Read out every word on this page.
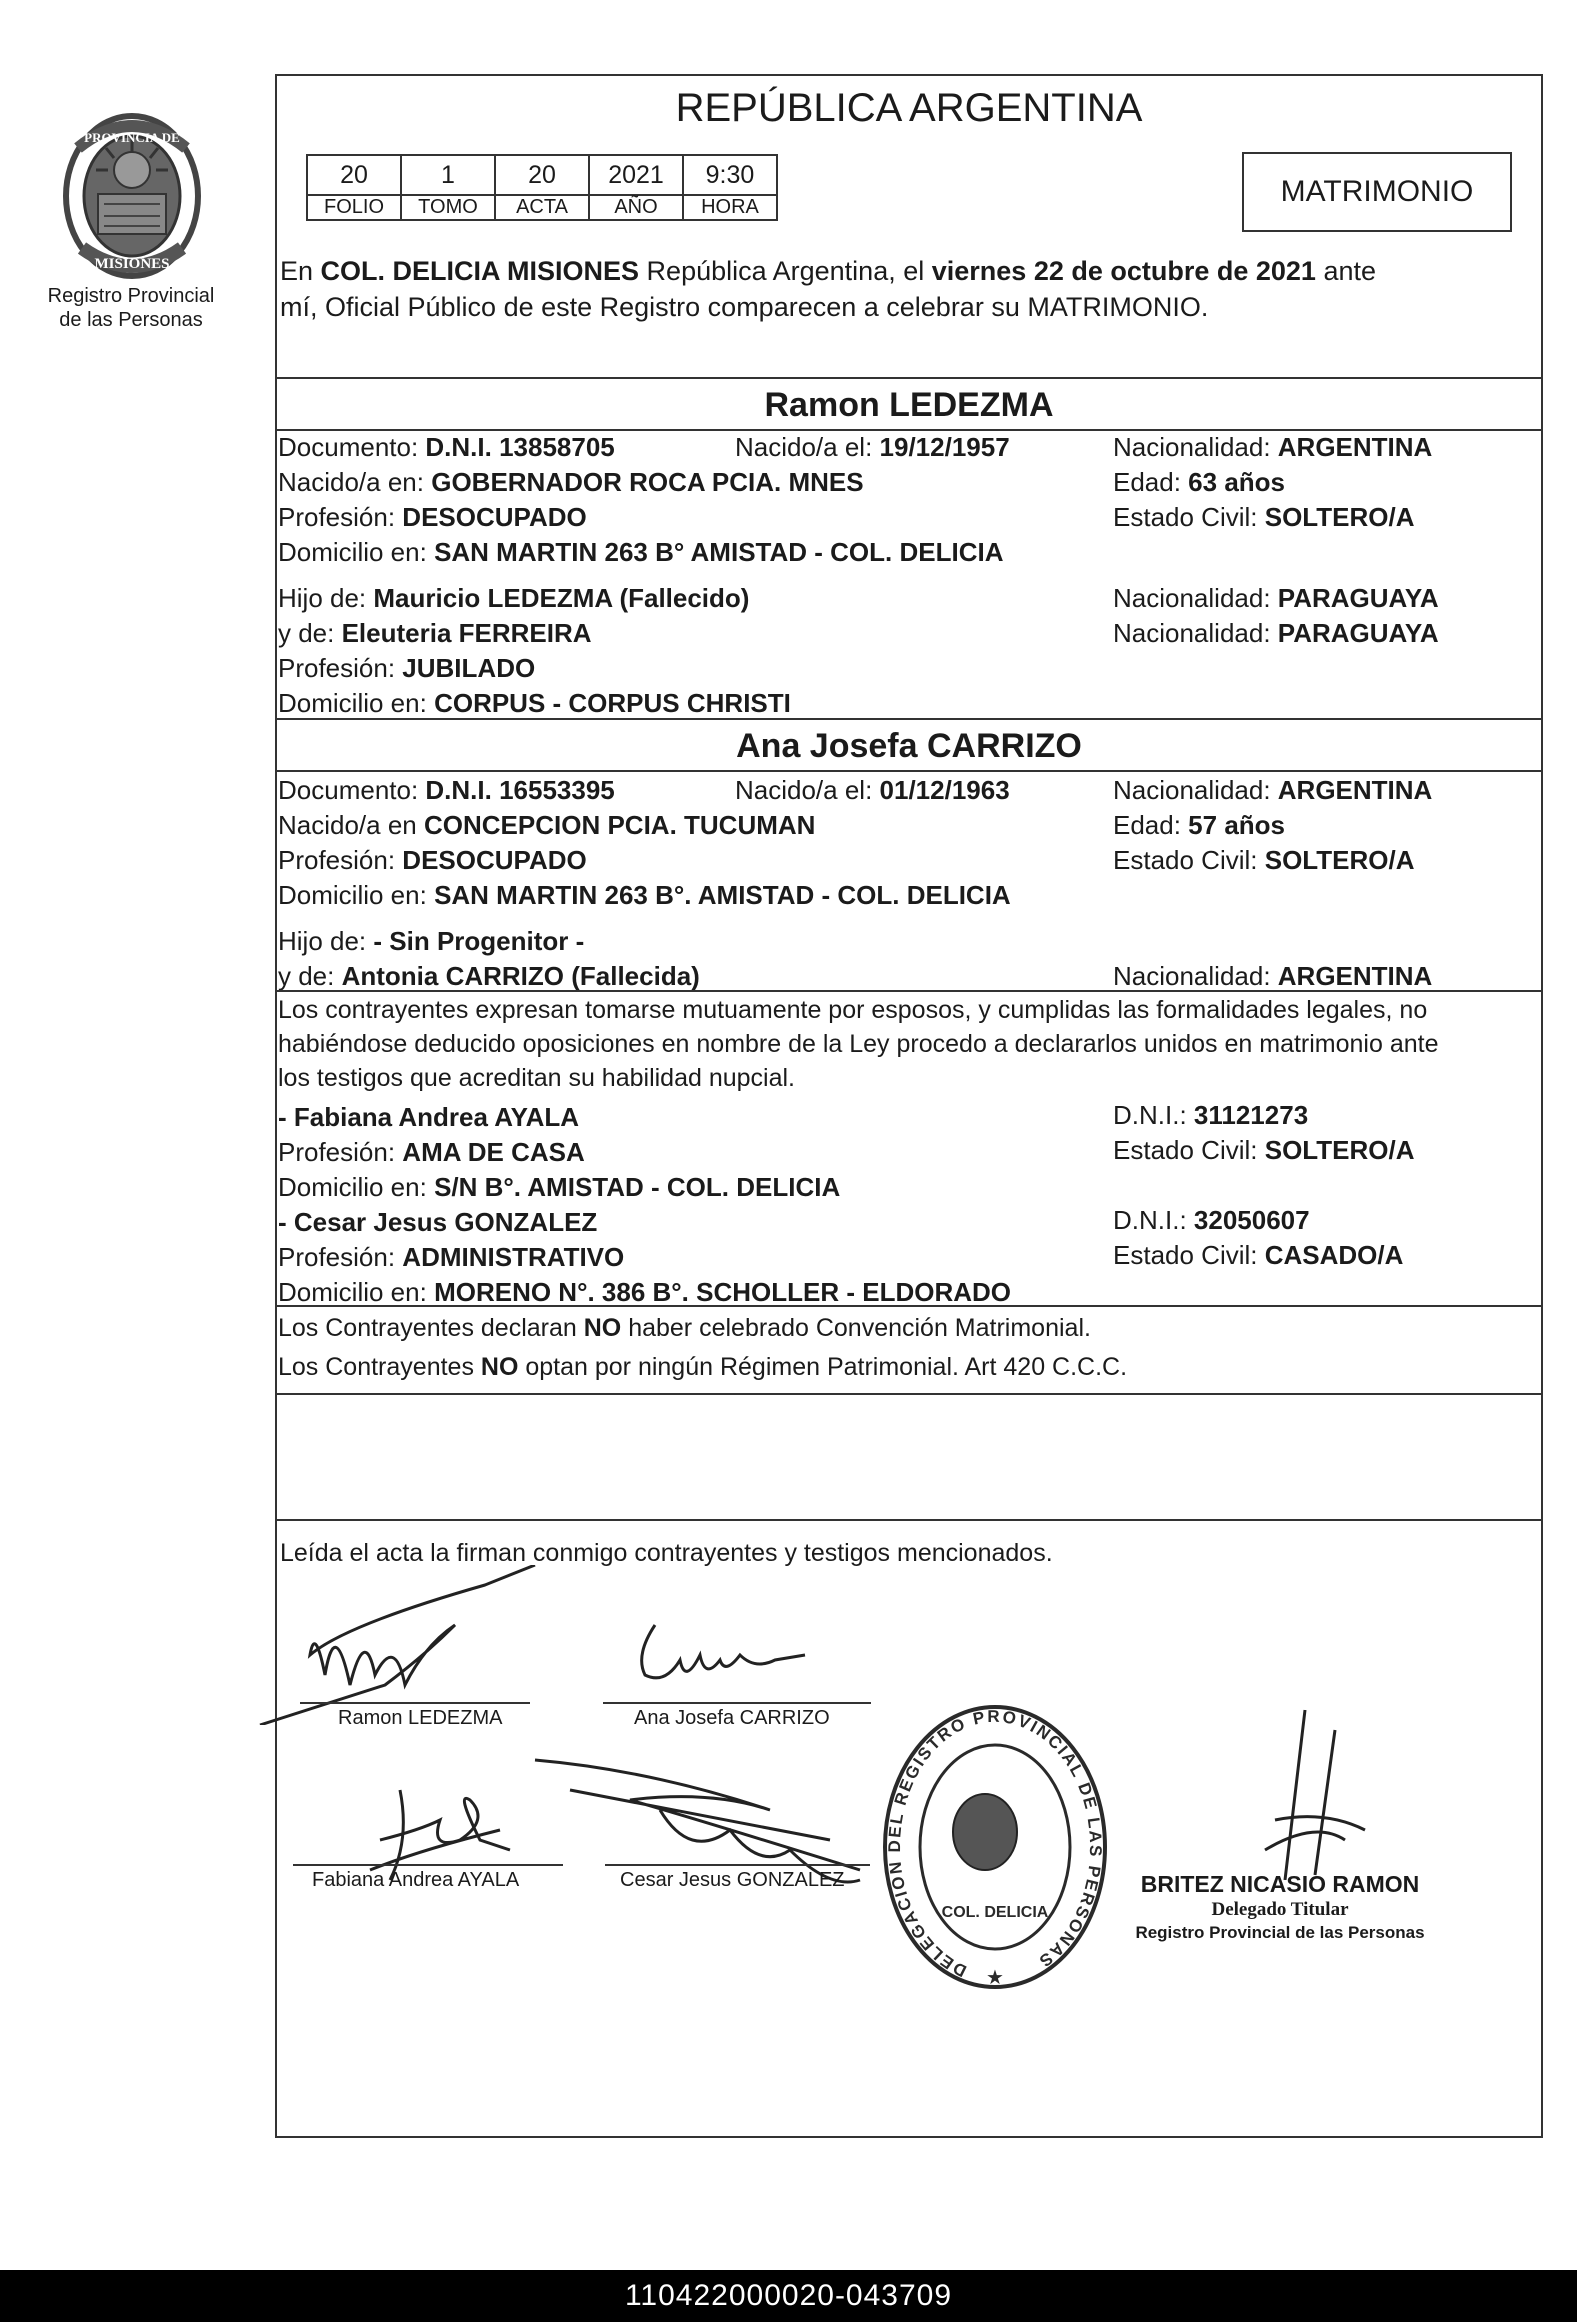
PROVINCIA DE
MISIONES
Registro Provincial
de las Personas
REPÚBLICA ARGENTINA
20	1	20	2021	9:30
FOLIO	TOMO	ACTA	AÑO	HORA	MATRIMONIO
En COL. DELICIA MISIONES República Argentina, el viernes 22 de octubre de 2021 ante
mí, Oficial Público de este Registro comparecen a celebrar su MATRIMONIO.
Ramon LEDEZMA
Documento: D.N.I. 13858705	Nacido/a el: 19/12/1957	Nacionalidad: ARGENTINA
Nacido/a en: GOBERNADOR ROCA PCIA. MNES	Edad: 63 años
Profesión: DESOCUPADO	Estado Civil: SOLTERO/A
Domicilio en: SAN MARTIN 263 B° AMISTAD - COL. DELICIA
Hijo de: Mauricio LEDEZMA (Fallecido)	Nacionalidad: PARAGUAYA
y de: Eleuteria FERREIRA	Nacionalidad: PARAGUAYA
Profesión: JUBILADO
Domicilio en: CORPUS - CORPUS CHRISTI
Ana Josefa CARRIZO
Documento: D.N.I. 16553395	Nacido/a el: 01/12/1963	Nacionalidad: ARGENTINA
Nacido/a en CONCEPCION PCIA. TUCUMAN	Edad: 57 años
Profesión: DESOCUPADO	Estado Civil: SOLTERO/A
Domicilio en: SAN MARTIN 263 B°. AMISTAD - COL. DELICIA
Hijo de: - Sin Progenitor -
y de: Antonia CARRIZO (Fallecida)	Nacionalidad: ARGENTINA
Los contrayentes expresan tomarse mutuamente por esposos, y cumplidas las formalidades legales, no
habiéndose deducido oposiciones en nombre de la Ley procedo a declararlos unidos en matrimonio ante
los testigos que acreditan su habilidad nupcial.
- Fabiana Andrea AYALA	D.N.I.: 31121273
Profesión: AMA DE CASA	Estado Civil: SOLTERO/A
Domicilio en: S/N B°. AMISTAD - COL. DELICIA
- Cesar Jesus GONZALEZ	D.N.I.: 32050607
Profesión: ADMINISTRATIVO	Estado Civil: CASADO/A
Domicilio en: MORENO N°. 386 B°. SCHOLLER - ELDORADO
Los Contrayentes declaran NO haber celebrado Convención Matrimonial.
Los Contrayentes NO optan por ningún Régimen Patrimonial. Art 420 C.C.C.
Leída el acta la firman conmigo contrayentes y testigos mencionados.
Ramon LEDEZMA	Ana Josefa CARRIZO
Fabiana Andrea AYALA	Cesar Jesus GONZALEZ
DELEGACION DEL REGISTRO PROVINCIAL DE LAS PERSONAS
COL. DELICIA
★
BRITEZ NICASIO RAMON
Delegado Titular
Registro Provincial de las Personas
110422000020-043709
